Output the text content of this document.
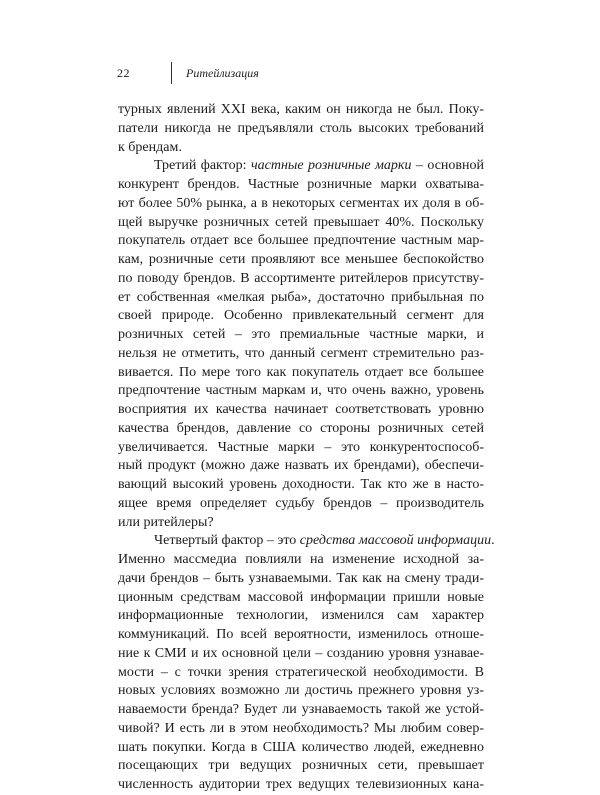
22	Ритейлизация
турных явлений XXI века, каким он никогда не был. Поку-
патели никогда не предъявляли столь высоких требований
к брендам.
Третий фактор: частные розничные марки – основной
конкурент брендов. Частные розничные марки охватыва-
ют более 50% рынка, а в некоторых сегментах их доля в об-
щей выручке розничных сетей превышает 40%. Поскольку
покупатель отдает все большее предпочтение частным мар-
кам, розничные сети проявляют все меньшее беспокойство
по поводу брендов. В ассортименте ритейлеров присутству-
ет собственная «мелкая рыба», достаточно прибыльная по
своей природе. Особенно привлекательный сегмент для
розничных сетей – это премиальные частные марки, и
нельзя не отметить, что данный сегмент стремительно раз-
вивается. По мере того как покупатель отдает все большее
предпочтение частным маркам и, что очень важно, уровень
восприятия их качества начинает соответствовать уровню
качества брендов, давление со стороны розничных сетей
увеличивается. Частные марки – это конкурентоспособ-
ный продукт (можно даже назвать их брендами), обеспечи-
вающий высокий уровень доходности. Так кто же в насто-
ящее время определяет судьбу брендов – производитель
или ритейлеры?
Четвертый фактор – это средства массовой информации.
Именно массмедиа повлияли на изменение исходной за-
дачи брендов – быть узнаваемыми. Так как на смену тради-
ционным средствам массовой информации пришли новые
информационные технологии, изменился сам характер
коммуникаций. По всей вероятности, изменилось отноше-
ние к СМИ и их основной цели – созданию уровня узнавае-
мости – с точки зрения стратегической необходимости. В
новых условиях возможно ли достичь прежнего уровня уз-
наваемости бренда? Будет ли узнаваемость такой же устой-
чивой? И есть ли в этом необходимость? Мы любим совер-
шать покупки. Когда в США количество людей, ежедневно
посещающих три ведущих розничных сети, превышает
численность аудитории трех ведущих телевизионных кана-
